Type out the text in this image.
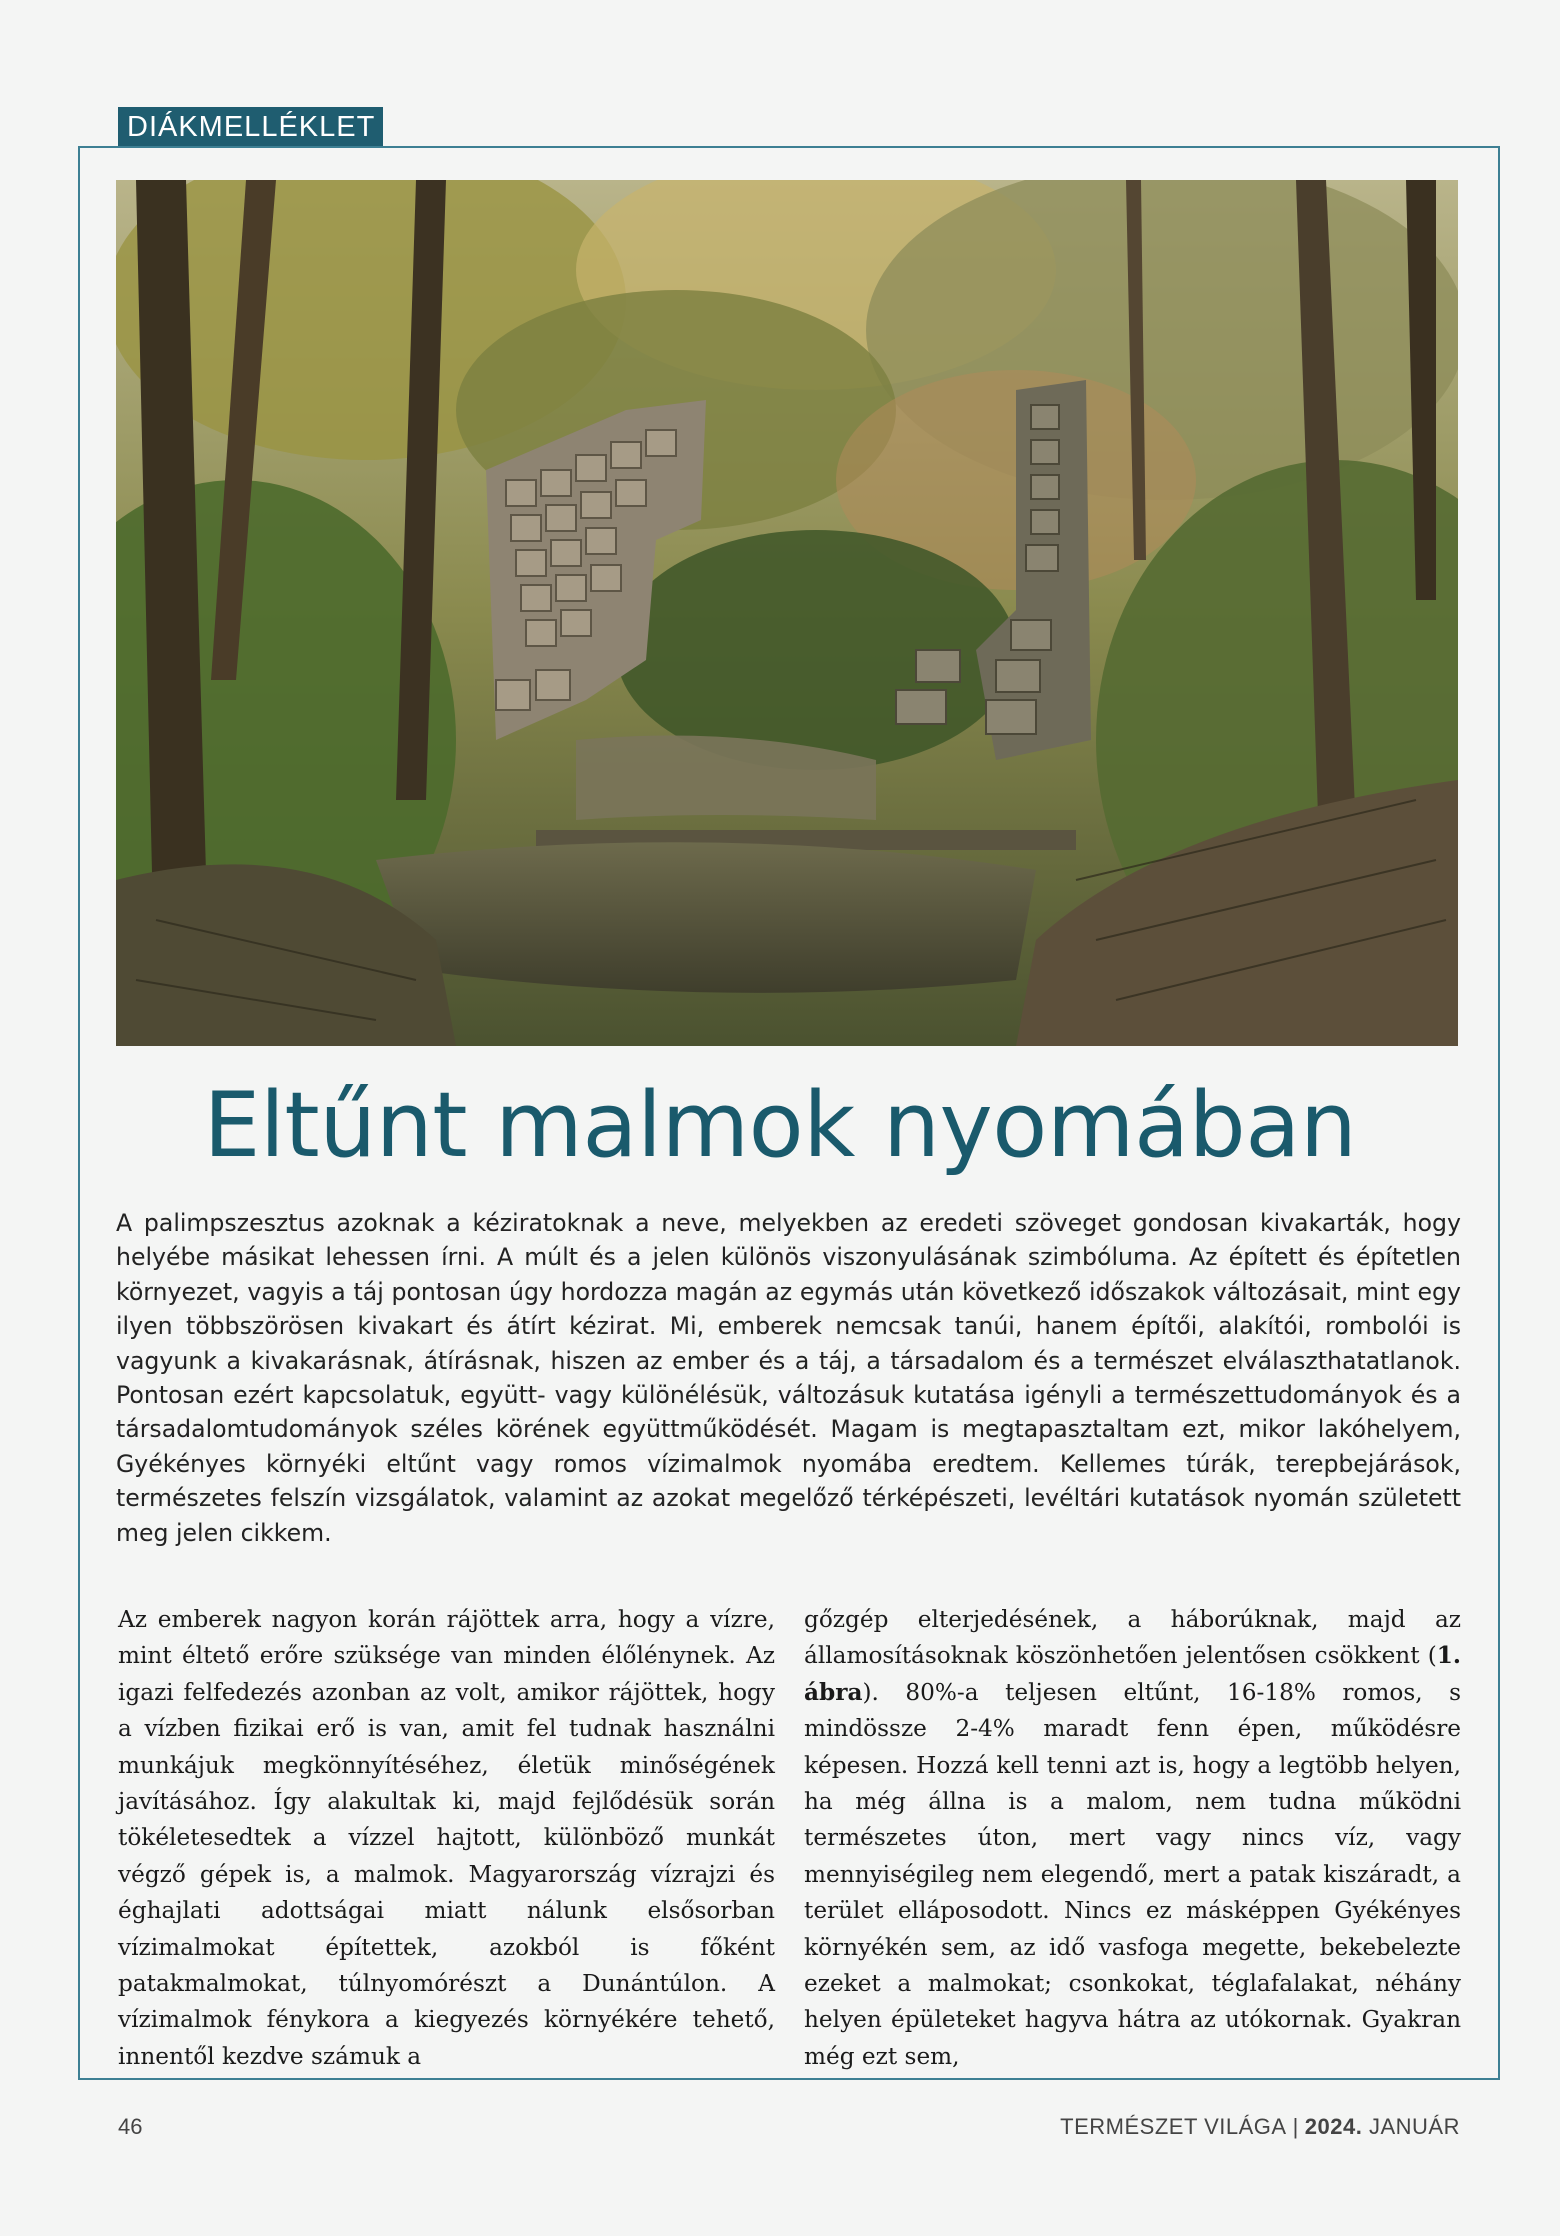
DIÁKMELLÉKLET
Eltűnt malmok nyomában

A palimpszesztus azoknak a kéziratoknak a neve, melyekben az eredeti szöveget gondosan kivakarták, hogy helyébe másikat lehessen írni. A múlt és a jelen különös viszonyulásának szimbóluma. Az épített és építetlen környezet, vagyis a táj pontosan úgy hordozza magán az egymás után következő időszakok változásait, mint egy ilyen többszörösen kivakart és átírt kézirat. Mi, emberek nemcsak tanúi, hanem építői, alakítói, rombolói is vagyunk a kivakarásnak, átírásnak, hiszen az ember és a táj, a társadalom és a természet elválaszthatatlanok. Pontosan ezért kapcsolatuk, együtt- vagy különélésük, változásuk kutatása igényli a természettudományok és a társadalomtudományok széles körének együttműködését. Magam is megtapasztaltam ezt, mikor lakóhelyem, Gyékényes környéki eltűnt vagy romos vízimalmok nyomába eredtem. Kellemes túrák, terepbejárások, természetes felszín vizsgálatok, valamint az azokat megelőző térképészeti, levéltári kutatások nyomán született meg jelen cikkem.

Az emberek nagyon korán rájöttek arra, hogy a vízre, mint éltető erőre szüksége van minden élőlénynek. Az igazi felfedezés azonban az volt, amikor rájöttek, hogy a vízben fizikai erő is van, amit fel tudnak használni munkájuk megkönnyítéséhez, életük minőségének javításához. Így alakultak ki, majd fejlődésük során tökéletesedtek a vízzel hajtott, különböző munkát végző gépek is, a malmok. Magyarország vízrajzi és éghajlati adottságai miatt nálunk elsősorban vízimalmokat építettek, azokból is főként patakmalmokat, túlnyomórészt a Dunántúlon. A vízimalmok fénykora a kiegyezés környékére tehető, innentől kezdve számuk a

gőzgép elterjedésének, a háborúknak, majd az államosításoknak köszönhetően jelentősen csökkent (1. ábra). 80%-a teljesen eltűnt, 16-18% romos, s mindössze 2-4% maradt fenn épen, működésre képesen. Hozzá kell tenni azt is, hogy a legtöbb helyen, ha még állna is a malom, nem tudna működni természetes úton, mert vagy nincs víz, vagy mennyiségileg nem elegendő, mert a patak kiszáradt, a terület elláposodott. Nincs ez másképpen Gyékényes környékén sem, az idő vasfoga megette, bekebelezte ezeket a malmokat; csonkokat, téglafalakat, néhány helyen épületeket hagyva hátra az utókornak. Gyakran még ezt sem,

46	TERMÉSZET VILÁGA | 2024. JANUÁR
